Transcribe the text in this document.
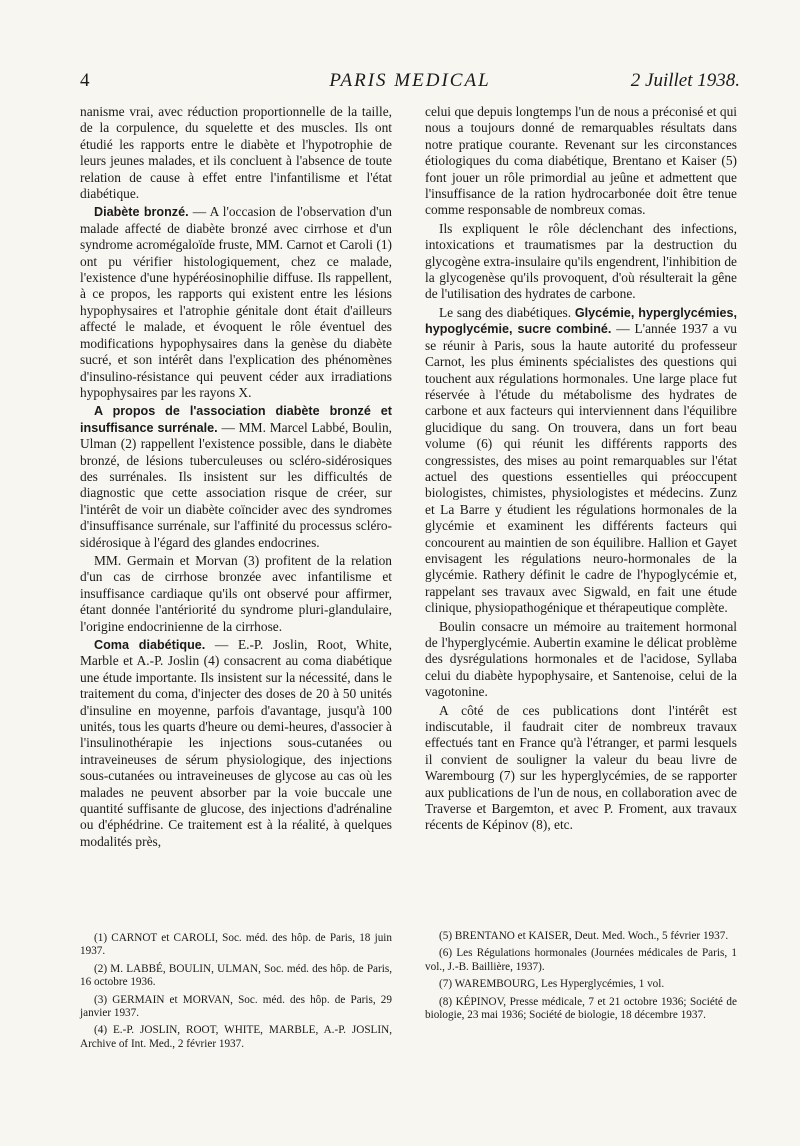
4	PARIS MEDICAL	2 Juillet 1938.

nanisme vrai, avec réduction proportionnelle de la taille, de la corpulence, du squelette et des muscles. Ils ont étudié les rapports entre le diabète et l'hypotrophie de leurs jeunes malades, et ils concluent à l'absence de toute relation de cause à effet entre l'infantilisme et l'état diabétique.

Diabète bronzé. — A l'occasion de l'observation d'un malade affecté de diabète bronzé avec cirrhose et d'un syndrome acromégaloïde fruste, MM. Carnot et Caroli (1) ont pu vérifier histologiquement, chez ce malade, l'existence d'une hypéréosinophilie diffuse. Ils rappellent, à ce propos, les rapports qui existent entre les lésions hypophysaires et l'atrophie génitale dont était d'ailleurs affecté le malade, et évoquent le rôle éventuel des modifications hypophysaires dans la genèse du diabète sucré, et son intérêt dans l'explication des phénomènes d'insulino-résistance qui peuvent céder aux irradiations hypophysaires par les rayons X.

A propos de l'association diabète bronzé et insuffisance surrénale. — MM. Marcel Labbé, Boulin, Ulman (2) rappellent l'existence possible, dans le diabète bronzé, de lésions tuberculeuses ou scléro-sidérosiques des surrénales. Ils insistent sur les difficultés de diagnostic que cette association risque de créer, sur l'intérêt de voir un diabète coïncider avec des syndromes d'insuffisance surrénale, sur l'affinité du processus scléro-sidérosique à l'égard des glandes endocrines.

MM. Germain et Morvan (3) profitent de la relation d'un cas de cirrhose bronzée avec infantilisme et insuffisance cardiaque qu'ils ont observé pour affirmer, étant donnée l'antériorité du syndrome pluri-glandulaire, l'origine endocrinienne de la cirrhose.

Coma diabétique. — E.-P. Joslin, Root, White, Marble et A.-P. Joslin (4) consacrent au coma diabétique une étude importante. Ils insistent sur la nécessité, dans le traitement du coma, d'injecter des doses de 20 à 50 unités d'insuline en moyenne, parfois d'avantage, jusqu'à 100 unités, tous les quarts d'heure ou demi-heures, d'associer à l'insulinothérapie les injections sous-cutanées ou intraveineuses de sérum physiologique, des injections sous-cutanées ou intraveineuses de glycose au cas où les malades ne peuvent absorber par la voie buccale une quantité suffisante de glucose, des injections d'adrénaline ou d'éphédrine. Ce traitement est à la réalité, à quelques modalités près,

celui que depuis longtemps l'un de nous a préconisé et qui nous a toujours donné de remarquables résultats dans notre pratique courante. Revenant sur les circonstances étiologiques du coma diabétique, Brentano et Kaiser (5) font jouer un rôle primordial au jeûne et admettent que l'insuffisance de la ration hydrocarbonée doit être tenue comme responsable de nombreux comas.

Ils expliquent le rôle déclenchant des infections, intoxications et traumatismes par la destruction du glycogène extra-insulaire qu'ils engendrent, l'inhibition de la glycogenèse qu'ils provoquent, d'où résulterait la gêne de l'utilisation des hydrates de carbone.

Le sang des diabétiques. Glycémie, hyperglycémies, hypoglycémie, sucre combiné. — L'année 1937 a vu se réunir à Paris, sous la haute autorité du professeur Carnot, les plus éminents spécialistes des questions qui touchent aux régulations hormonales. Une large place fut réservée à l'étude du métabolisme des hydrates de carbone et aux facteurs qui interviennent dans l'équilibre glucidique du sang. On trouvera, dans un fort beau volume (6) qui réunit les différents rapports des congressistes, des mises au point remarquables sur l'état actuel des questions essentielles qui préoccupent biologistes, chimistes, physiologistes et médecins. Zunz et La Barre y étudient les régulations hormonales de la glycémie et examinent les différents facteurs qui concourent au maintien de son équilibre. Hallion et Gayet envisagent les régulations neuro-hormonales de la glycémie. Rathery définit le cadre de l'hypoglycémie et, rappelant ses travaux avec Sigwald, en fait une étude clinique, physiopathogénique et thérapeutique complète.

Boulin consacre un mémoire au traitement hormonal de l'hyperglycémie. Aubertin examine le délicat problème des dysrégulations hormonales et de l'acidose, Syllaba celui du diabète hypophysaire, et Santenoise, celui de la vagotonine.

A côté de ces publications dont l'intérêt est indiscutable, il faudrait citer de nombreux travaux effectués tant en France qu'à l'étranger, et parmi lesquels il convient de souligner la valeur du beau livre de Warembourg (7) sur les hyperglycémies, de se rapporter aux publications de l'un de nous, en collaboration avec de Traverse et Bargemton, et avec P. Froment, aux travaux récents de Képinov (8), etc.

(1) CARNOT et CAROLI, Soc. méd. des hôp. de Paris, 18 juin 1937.

(2) M. LABBÉ, BOULIN, ULMAN, Soc. méd. des hôp. de Paris, 16 octobre 1936.

(3) GERMAIN et MORVAN, Soc. méd. des hôp. de Paris, 29 janvier 1937.

(4) E.-P. JOSLIN, ROOT, WHITE, MARBLE, A.-P. JOSLIN, Archive of Int. Med., 2 février 1937.

(5) BRENTANO et KAISER, Deut. Med. Woch., 5 février 1937.

(6) Les Régulations hormonales (Journées médicales de Paris, 1 vol., J.-B. Baillière, 1937).

(7) WAREMBOURG, Les Hyperglycémies, 1 vol.

(8) KÉPINOV, Presse médicale, 7 et 21 octobre 1936; Société de biologie, 23 mai 1936; Société de biologie, 18 décembre 1937.
